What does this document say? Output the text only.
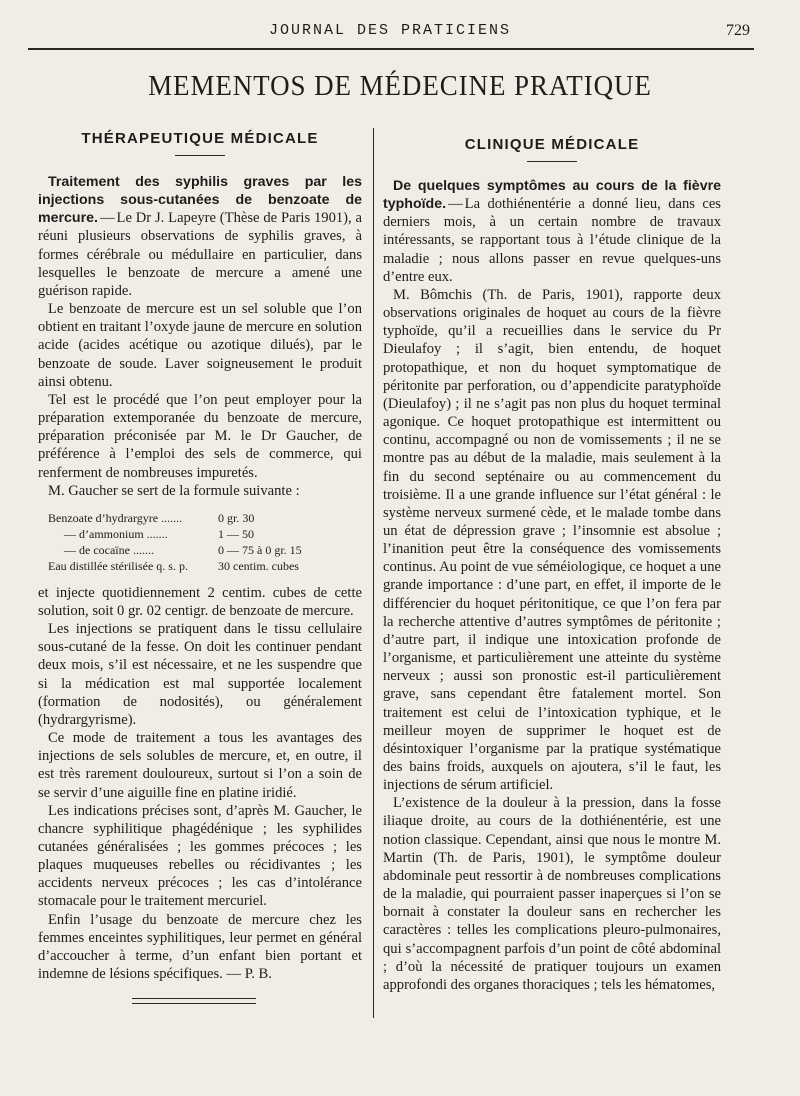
JOURNAL DES PRATICIENS	729
MEMENTOS DE MÉDECINE PRATIQUE
THÉRAPEUTIQUE MÉDICALE

Traitement des syphilis graves par les injections sous-cutanées de benzoate de mercure. — Le Dr J. Lapeyre (Thèse de Paris 1901), a réuni plusieurs observations de syphilis graves, à formes cérébrale ou médullaire en particulier, dans lesquelles le benzoate de mercure a amené une guérison rapide.

Le benzoate de mercure est un sel soluble que l’on obtient en traitant l’oxyde jaune de mercure en solution acide (acides acétique ou azotique dilués), par le benzoate de soude. Laver soigneusement le produit ainsi obtenu.

Tel est le procédé que l’on peut employer pour la préparation extemporanée du benzoate de mercure, préparation préconisée par M. le Dr Gaucher, de préférence à l’emploi des sels de commerce, qui renferment de nombreuses impuretés.

M. Gaucher se sert de la formule suivante :

Benzoate d’hydrargyre .......	0 gr. 30
— d’ammonium .......	1 — 50
— de cocaïne .......	0 — 75 à 0 gr. 15
Eau distillée stérilisée q. s. p.	30 centim. cubes

et injecte quotidiennement 2 centim. cubes de cette solution, soit 0 gr. 02 centigr. de benzoate de mercure.

Les injections se pratiquent dans le tissu cellulaire sous-cutané de la fesse. On doit les continuer pendant deux mois, s’il est nécessaire, et ne les suspendre que si la médication est mal supportée localement (formation de nodosités), ou généralement (hydrargyrisme).

Ce mode de traitement a tous les avantages des injections de sels solubles de mercure, et, en outre, il est très rarement douloureux, surtout si l’on a soin de se servir d’une aiguille fine en platine iridié.

Les indications précises sont, d’après M. Gaucher, le chancre syphilitique phagédénique ; les syphilides cutanées généralisées ; les gommes précoces ; les plaques muqueuses rebelles ou récidivantes ; les accidents nerveux précoces ; les cas d’intolérance stomacale pour le traitement mercuriel.

Enfin l’usage du benzoate de mercure chez les femmes enceintes syphilitiques, leur permet en général d’accoucher à terme, d’un enfant bien portant et indemne de lésions spécifiques. — P. B.

CLINIQUE MÉDICALE

De quelques symptômes au cours de la fièvre typhoïde. — La dothiénentérie a donné lieu, dans ces derniers mois, à un certain nombre de travaux intéressants, se rapportant tous à l’étude clinique de la maladie ; nous allons passer en revue quelques-uns d’entre eux.

M. Bômchis (Th. de Paris, 1901), rapporte deux observations originales de hoquet au cours de la fièvre typhoïde, qu’il a recueillies dans le service du Pr Dieulafoy ; il s’agit, bien entendu, de hoquet protopathique, et non du hoquet symptomatique de péritonite par perforation, ou d’appendicite paratyphoïde (Dieulafoy) ; il ne s’agit pas non plus du hoquet terminal agonique. Ce hoquet protopathique est intermittent ou continu, accompagné ou non de vomissements ; il ne se montre pas au début de la maladie, mais seulement à la fin du second septénaire ou au commencement du troisième. Il a une grande influence sur l’état général : le système nerveux surmené cède, et le malade tombe dans un état de dépression grave ; l’insomnie est absolue ; l’inanition peut être la conséquence des vomissements continus. Au point de vue séméiologique, ce hoquet a une grande importance : d’une part, en effet, il importe de le différencier du hoquet péritonitique, ce que l’on fera par la recherche attentive d’autres symptômes de péritonite ; d’autre part, il indique une intoxication profonde de l’organisme, et particulièrement une atteinte du système nerveux ; aussi son pronostic est-il particulièrement grave, sans cependant être fatalement mortel. Son traitement est celui de l’intoxication typhique, et le meilleur moyen de supprimer le hoquet est de désintoxiquer l’organisme par la pratique systématique des bains froids, auxquels on ajoutera, s’il le faut, les injections de sérum artificiel.

L’existence de la douleur à la pression, dans la fosse iliaque droite, au cours de la dothiénentérie, est une notion classique. Cependant, ainsi que nous le montre M. Martin (Th. de Paris, 1901), le symptôme douleur abdominale peut ressortir à de nombreuses complications de la maladie, qui pourraient passer inaperçues si l’on se bornait à constater la douleur sans en rechercher les caractères : telles les complications pleuro-pulmonaires, qui s’accompagnent parfois d’un point de côté abdominal ; d’où la nécessité de pratiquer toujours un examen approfondi des organes thoraciques ; tels les hématomes,
